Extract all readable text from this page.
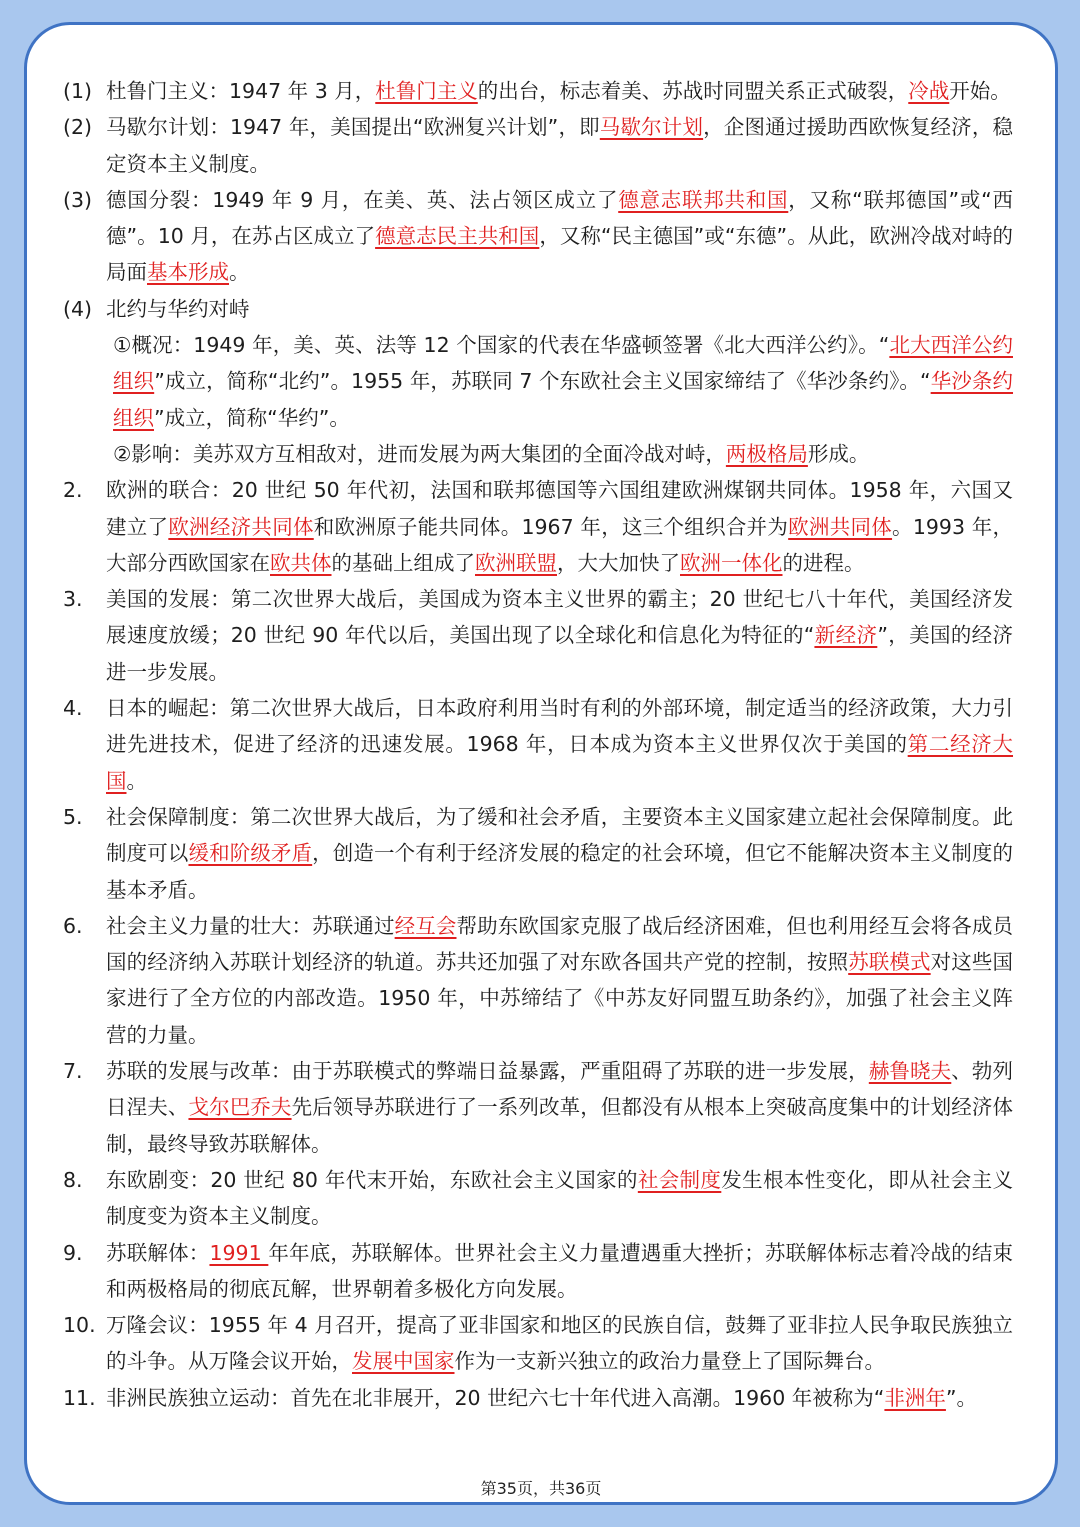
(1) 杜鲁门主义：1947 年 3 月，杜鲁门主义的出台，标志着美、苏战时同盟关系正式破裂，冷战开始。
(2) 马歇尔计划：1947 年，美国提出“欧洲复兴计划”，即马歇尔计划，企图通过援助西欧恢复经济，稳定资本主义制度。
(3) 德国分裂：1949 年 9 月，在美、英、法占领区成立了德意志联邦共和国，又称“联邦德国”或“西德”。10 月，在苏占区成立了德意志民主共和国，又称“民主德国”或“东德”。从此，欧洲冷战对峙的局面基本形成。
(4) 北约与华约对峙
①概况：1949 年，美、英、法等 12 个国家的代表在华盛顿签署《北大西洋公约》。“北大西洋公约组织”成立，简称“北约”。1955 年，苏联同 7 个东欧社会主义国家缔结了《华沙条约》。“华沙条约组织”成立，简称“华约”。
②影响：美苏双方互相敌对，进而发展为两大集团的全面冷战对峙，两极格局形成。
2.	欧洲的联合：20 世纪 50 年代初，法国和联邦德国等六国组建欧洲煤钢共同体。1958 年，六国又建立了欧洲经济共同体和欧洲原子能共同体。1967 年，这三个组织合并为欧洲共同体。1993 年，大部分西欧国家在欧共体的基础上组成了欧洲联盟，大大加快了欧洲一体化的进程。
3.	美国的发展：第二次世界大战后，美国成为资本主义世界的霸主；20 世纪七八十年代，美国经济发展速度放缓；20 世纪 90 年代以后，美国出现了以全球化和信息化为特征的“新经济”，美国的经济进一步发展。
4.	日本的崛起：第二次世界大战后，日本政府利用当时有利的外部环境，制定适当的经济政策，大力引进先进技术，促进了经济的迅速发展。1968 年，日本成为资本主义世界仅次于美国的第二经济大国。
5.	社会保障制度：第二次世界大战后，为了缓和社会矛盾，主要资本主义国家建立起社会保障制度。此制度可以缓和阶级矛盾，创造一个有利于经济发展的稳定的社会环境，但它不能解决资本主义制度的基本矛盾。
6.	社会主义力量的壮大：苏联通过经互会帮助东欧国家克服了战后经济困难，但也利用经互会将各成员国的经济纳入苏联计划经济的轨道。苏共还加强了对东欧各国共产党的控制，按照苏联模式对这些国家进行了全方位的内部改造。1950 年，中苏缔结了《中苏友好同盟互助条约》，加强了社会主义阵营的力量。
7.	苏联的发展与改革：由于苏联模式的弊端日益暴露，严重阻碍了苏联的进一步发展，赫鲁晓夫、勃列日涅夫、戈尔巴乔夫先后领导苏联进行了一系列改革，但都没有从根本上突破高度集中的计划经济体制，最终导致苏联解体。
8.	东欧剧变：20 世纪 80 年代末开始，东欧社会主义国家的社会制度发生根本性变化，即从社会主义制度变为资本主义制度。
9.	苏联解体：1991 年年底，苏联解体。世界社会主义力量遭遇重大挫折；苏联解体标志着冷战的结束和两极格局的彻底瓦解，世界朝着多极化方向发展。
10. 万隆会议：1955 年 4 月召开，提高了亚非国家和地区的民族自信，鼓舞了亚非拉人民争取民族独立的斗争。从万隆会议开始，发展中国家作为一支新兴独立的政治力量登上了国际舞台。
11. 非洲民族独立运动：首先在北非展开，20 世纪六七十年代进入高潮。1960 年被称为“非洲年”。
第35页，共36页
